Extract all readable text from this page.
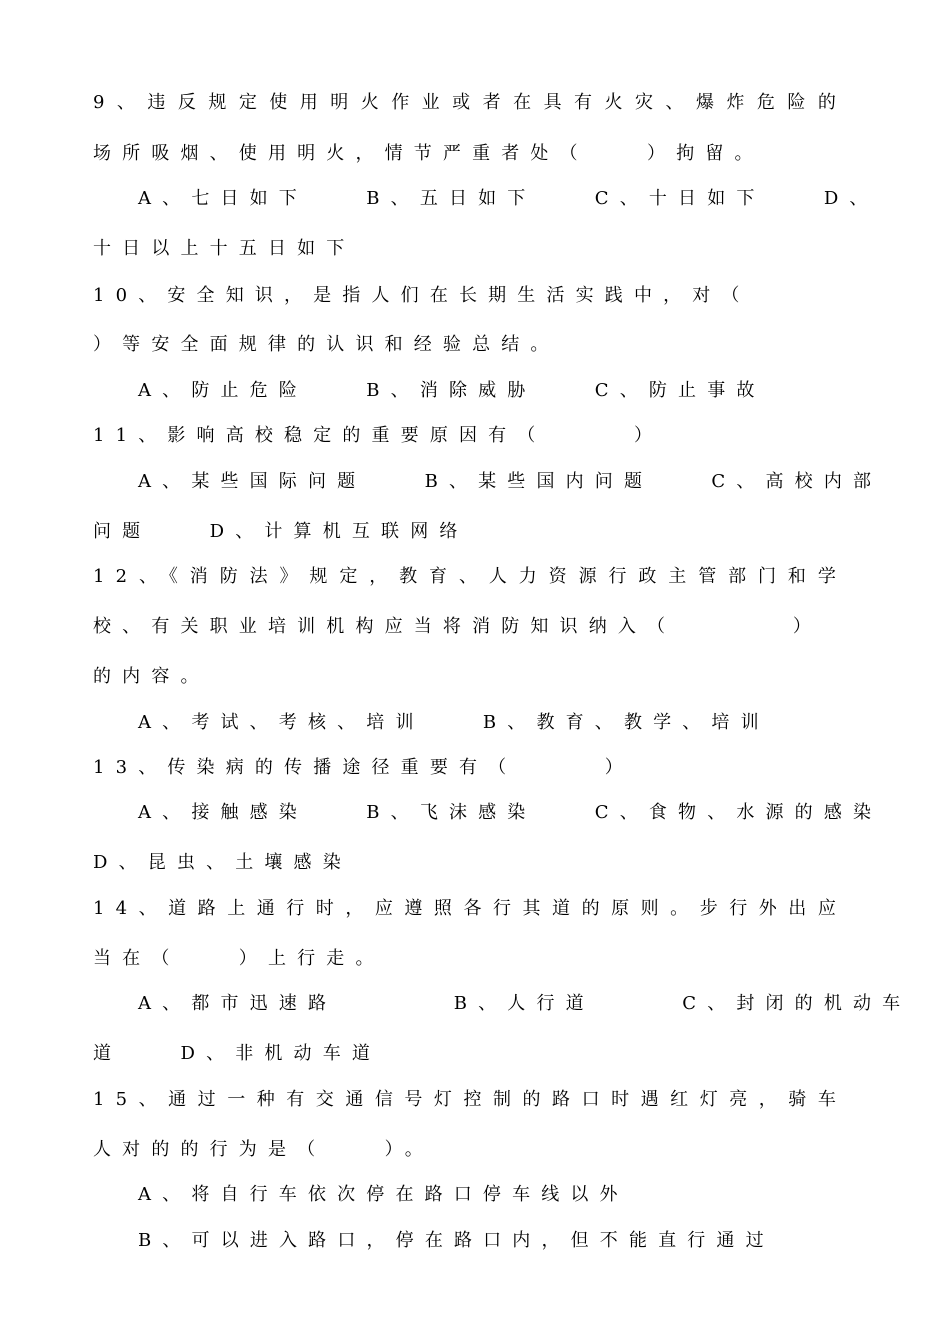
9、违反规定使用明火作业或者在具有火灾、爆炸危险的
场所吸烟、使用明火，情节严重者处（　　）拘留。
A、七日如下　　B、五日如下　　C、十日如下　　D、
十日以上十五日如下
10、安全知识，是指人们在长期生活实践中，对（
）等安全面规律的认识和经验总结。
A、防止危险　　B、消除威胁　　C、防止事故
11、影响高校稳定的重要原因有（　　　）
A、某些国际问题　　B、某些国内问题　　C、高校内部
问题　　D、计算机互联网络
12、《消防法》规定，教育、人力资源行政主管部门和学
校、有关职业培训机构应当将消防知识纳入（　　　　）
的内容。
A、考试、考核、培训　　B、教育、教学、培训
13、传染病的传播途径重要有（　　　）
A、接触感染　　B、飞沫感染　　C、食物、水源的感染
D、昆虫、土壤感染
14、道路上通行时，应遵照各行其道的原则。步行外出应
当在（　　）上行走。
A、都市迅速路　　　　B、人行道　　　C、封闭的机动车
道　　D、非机动车道
15、通过一种有交通信号灯控制的路口时遇红灯亮，骑车
人对的的行为是（　　）。
A、将自行车依次停在路口停车线以外
B、可以进入路口，停在路口内，但不能直行通过
